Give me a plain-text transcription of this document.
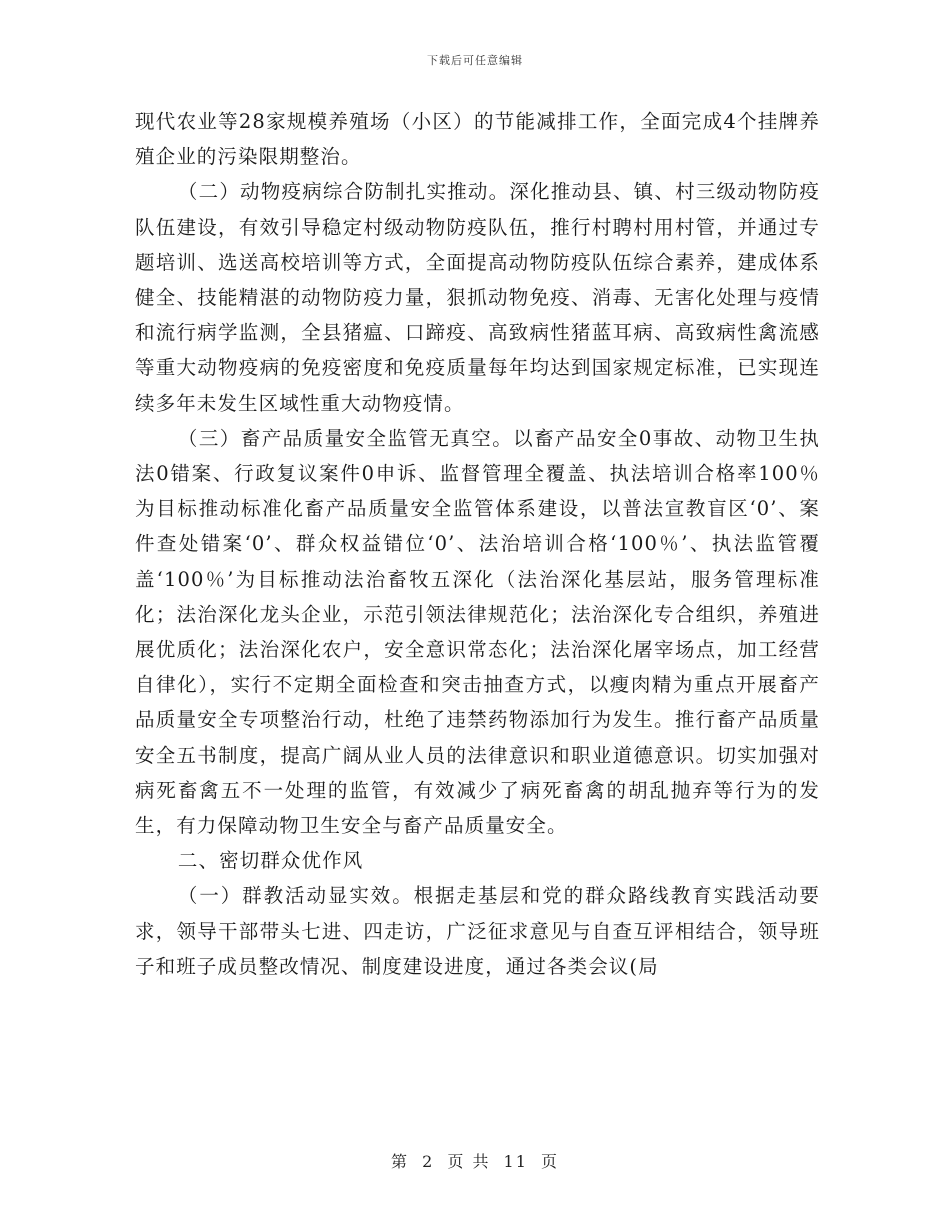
下载后可任意编辑

现代农业等28家规模养殖场（小区）的节能减排工作，全面完成4个挂牌养殖企业的污染限期整治。

（二）动物疫病综合防制扎实推动。深化推动县、镇、村三级动物防疫队伍建设，有效引导稳定村级动物防疫队伍，推行村聘村用村管，并通过专题培训、选送高校培训等方式，全面提高动物防疫队伍综合素养，建成体系健全、技能精湛的动物防疫力量，狠抓动物免疫、消毒、无害化处理与疫情和流行病学监测，全县猪瘟、口蹄疫、高致病性猪蓝耳病、高致病性禽流感等重大动物疫病的免疫密度和免疫质量每年均达到国家规定标准，已实现连续多年未发生区域性重大动物疫情。

（三）畜产品质量安全监管无真空。以畜产品安全0事故、动物卫生执法0错案、行政复议案件0申诉、监督管理全覆盖、执法培训合格率100％为目标推动标准化畜产品质量安全监管体系建设，以普法宣教盲区‘0’、案件查处错案‘0’、群众权益错位‘0’、法治培训合格‘100％’、执法监管覆盖‘100％’为目标推动法治畜牧五深化（法治深化基层站，服务管理标准化；法治深化龙头企业，示范引领法律规范化；法治深化专合组织，养殖进展优质化；法治深化农户，安全意识常态化；法治深化屠宰场点，加工经营自律化），实行不定期全面检查和突击抽查方式，以瘦肉精为重点开展畜产品质量安全专项整治行动，杜绝了违禁药物添加行为发生。推行畜产品质量安全五书制度，提高广阔从业人员的法律意识和职业道德意识。切实加强对病死畜禽五不一处理的监管，有效减少了病死畜禽的胡乱抛弃等行为的发生，有力保障动物卫生安全与畜产品质量安全。

二、密切群众优作风

（一）群教活动显实效。根据走基层和党的群众路线教育实践活动要求，领导干部带头七进、四走访，广泛征求意见与自查互评相结合，领导班子和班子成员整改情况、制度建设进度，通过各类会议(局

第 2 页 共 11 页
